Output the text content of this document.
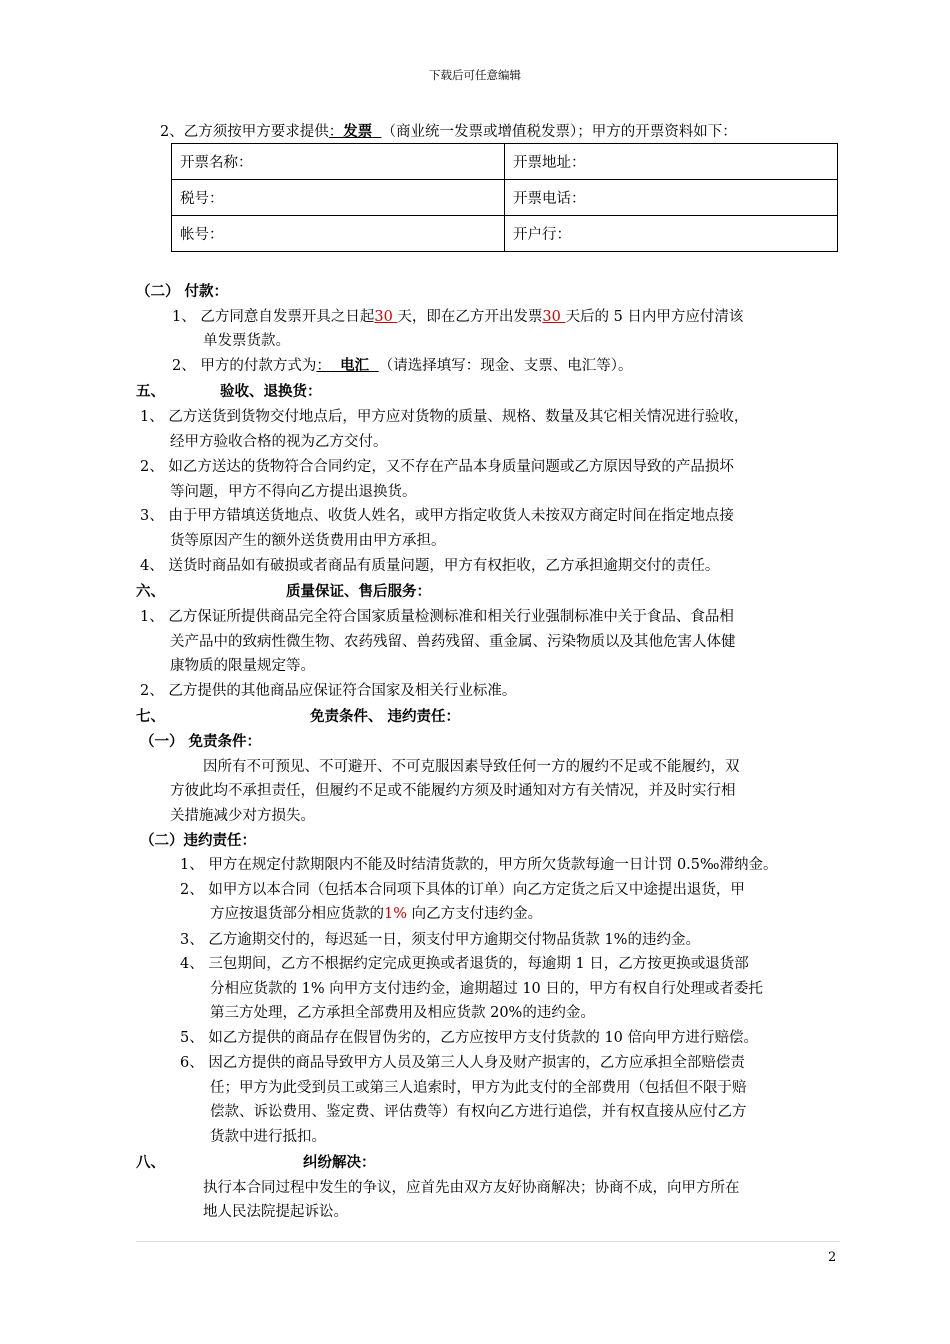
下载后可任意编辑
2、乙方须按甲方要求提供：发票 （商业统一发票或增值税发票）；甲方的开票资料如下：
开票名称：	开票地址：
税号：	开票电话：
帐号：	开户行：
（二） 付款：
1、 乙方同意自发票开具之日起30 天，即在乙方开出发票30 天后的 5 日内甲方应付清该
单发票货款。
2、 甲方的付款方式为： 电汇  （请选择填写：现金、支票、电汇等）。
五、	验收、退换货：
1、 乙方送货到货物交付地点后，甲方应对货物的质量、规格、数量及其它相关情况进行验收，
经甲方验收合格的视为乙方交付。
2、 如乙方送达的货物符合合同约定，又不存在产品本身质量问题或乙方原因导致的产品损坏
等问题，甲方不得向乙方提出退换货。
3、 由于甲方错填送货地点、收货人姓名，或甲方指定收货人未按双方商定时间在指定地点接
货等原因产生的额外送货费用由甲方承担。
4、 送货时商品如有破损或者商品有质量问题，甲方有权拒收，乙方承担逾期交付的责任。
六、	质量保证、售后服务：
1、 乙方保证所提供商品完全符合国家质量检测标准和相关行业强制标准中关于食品、食品相
关产品中的致病性微生物、农药残留、兽药残留、重金属、污染物质以及其他危害人体健
康物质的限量规定等。
2、 乙方提供的其他商品应保证符合国家及相关行业标准。
七、	免责条件、 违约责任：
（一） 免责条件：
因所有不可预见、不可避开、不可克服因素导致任何一方的履约不足或不能履约，双
方彼此均不承担责任，但履约不足或不能履约方须及时通知对方有关情况，并及时实行相
关措施减少对方损失。
（二）违约责任：
1、 甲方在规定付款期限内不能及时结清货款的，甲方所欠货款每逾一日计罚 0.5‰滞纳金。
2、 如甲方以本合同（包括本合同项下具体的订单）向乙方定货之后又中途提出退货，甲
方应按退货部分相应货款的1% 向乙方支付违约金。
3、 乙方逾期交付的，每迟延一日，须支付甲方逾期交付物品货款 1%的违约金。
4、 三包期间，乙方不根据约定完成更换或者退货的，每逾期 1 日，乙方按更换或退货部
分相应货款的 1% 向甲方支付违约金，逾期超过 10 日的，甲方有权自行处理或者委托
第三方处理，乙方承担全部费用及相应货款 20%的违约金。
5、 如乙方提供的商品存在假冒伪劣的，乙方应按甲方支付货款的 10 倍向甲方进行赔偿。
6、 因乙方提供的商品导致甲方人员及第三人人身及财产损害的，乙方应承担全部赔偿责
任；甲方为此受到员工或第三人追索时，甲方为此支付的全部费用（包括但不限于赔
偿款、诉讼费用、鉴定费、评估费等）有权向乙方进行追偿，并有权直接从应付乙方
货款中进行抵扣。
八、	纠纷解决：
执行本合同过程中发生的争议，应首先由双方友好协商解决；协商不成，向甲方所在
地人民法院提起诉讼。
2
